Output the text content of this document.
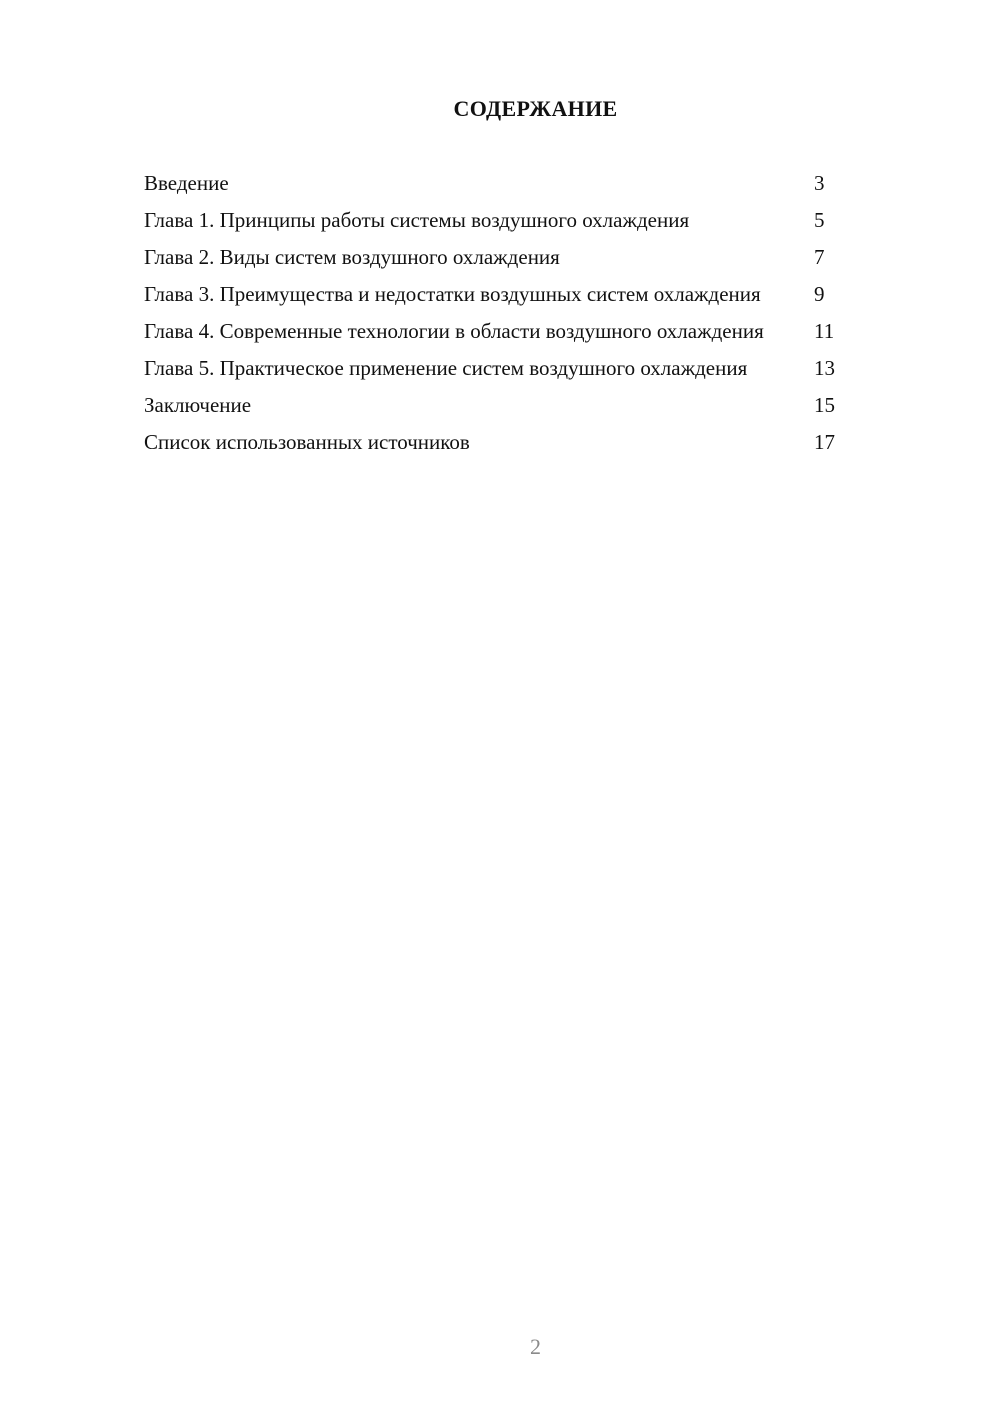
СОДЕРЖАНИЕ
Введение	3
Глава 1. Принципы работы системы воздушного охлаждения	5
Глава 2. Виды систем воздушного охлаждения	7
Глава 3. Преимущества и недостатки воздушных систем охлаждения	9
Глава 4. Современные технологии в области воздушного охлаждения	11
Глава 5. Практическое применение систем воздушного охлаждения	13
Заключение	15
Список использованных источников	17
2
